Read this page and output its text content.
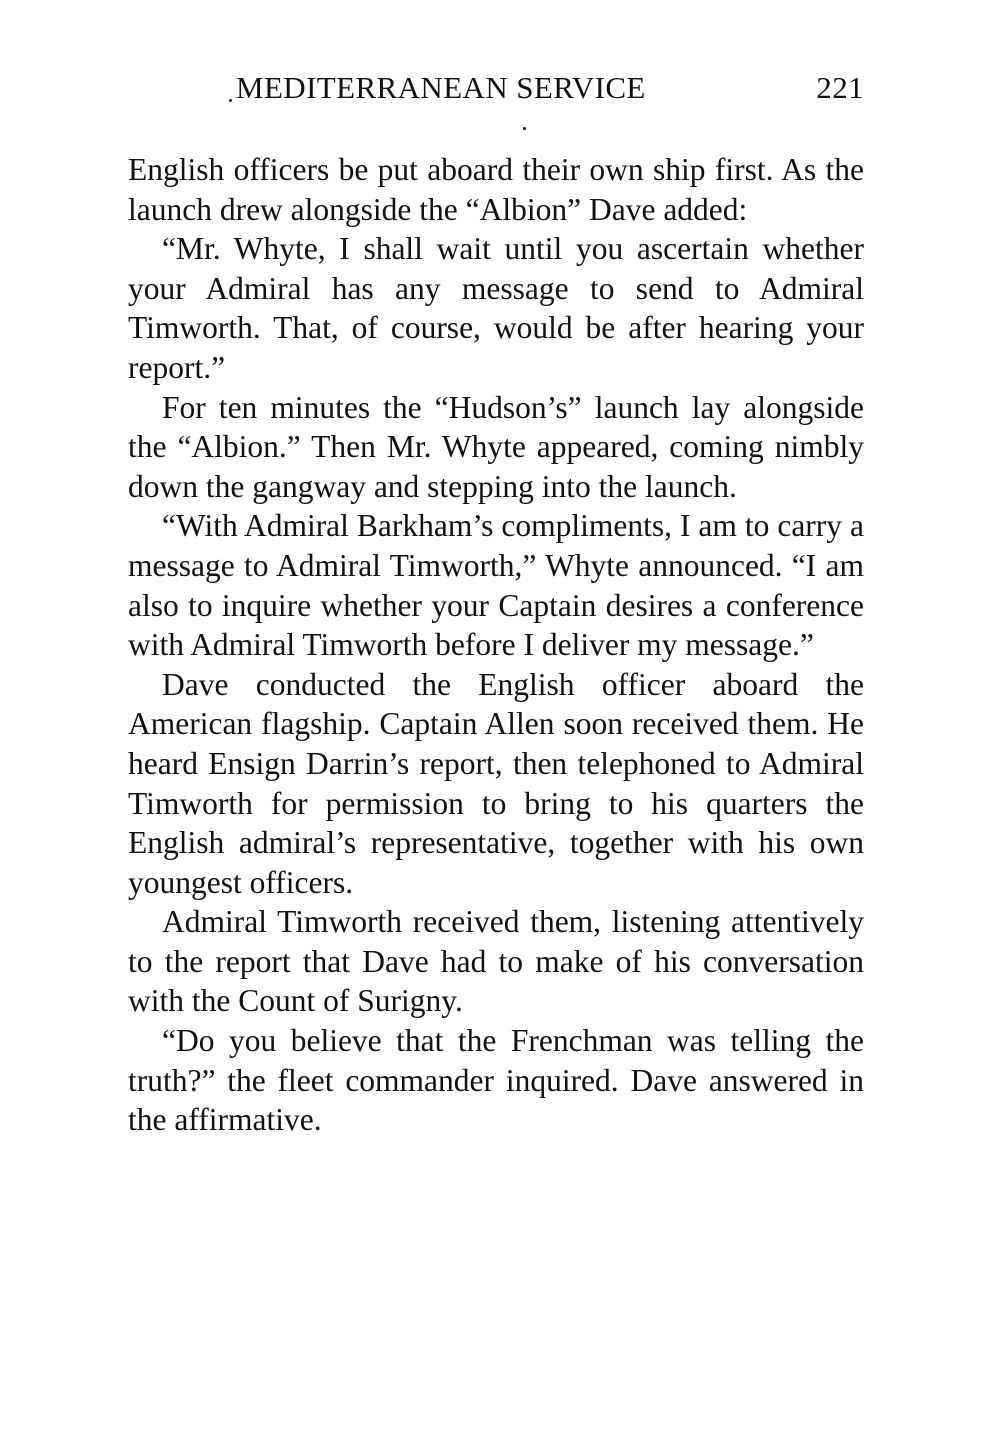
MEDITERRANEAN SERVICE	221

English officers be put aboard their own ship first. As the launch drew alongside the “Albion” Dave added:

“Mr. Whyte, I shall wait until you ascertain whether your Admiral has any message to send to Admiral Timworth. That, of course, would be after hearing your report.”

For ten minutes the “Hudson’s” launch lay alongside the “Albion.” Then Mr. Whyte appeared, coming nimbly down the gangway and stepping into the launch.

“With Admiral Barkham’s compliments, I am to carry a message to Admiral Timworth,” Whyte announced. “I am also to inquire whether your Captain desires a conference with Admiral Timworth before I deliver my message.”

Dave conducted the English officer aboard the American flagship. Captain Allen soon received them. He heard Ensign Darrin’s report, then telephoned to Admiral Timworth for permission to bring to his quarters the English admiral’s representative, together with his own youngest officers.

Admiral Timworth received them, listening attentively to the report that Dave had to make of his conversation with the Count of Surigny.

“Do you believe that the Frenchman was telling the truth?” the fleet commander inquired. Dave answered in the affirmative.
